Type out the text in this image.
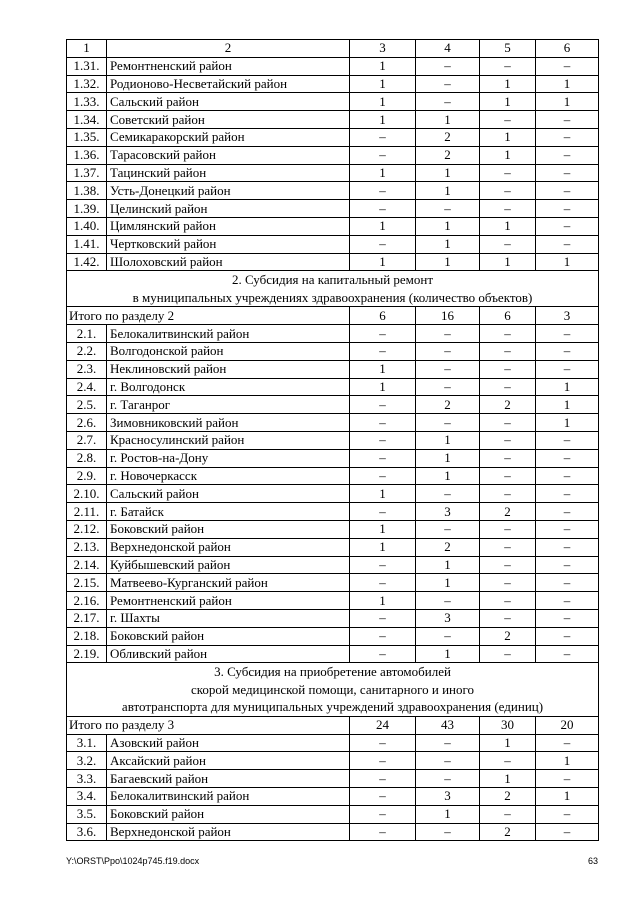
1	2	3	4	5	6
1.31.	Ремонтненский район	1	–	–	–
1.32.	Родионово-Несветайский район	1	–	1	1
1.33.	Сальский район	1	–	1	1
1.34.	Советский район	1	1	–	–
1.35.	Семикаракорский район	–	2	1	–
1.36.	Тарасовский район	–	2	1	–
1.37.	Тацинский район	1	1	–	–
1.38.	Усть-Донецкий район	–	1	–	–
1.39.	Целинский район	–	–	–	–
1.40.	Цимлянский район	1	1	1	–
1.41.	Чертковский район	–	1	–	–
1.42.	Шолоховский район	1	1	1	1

2. Субсидия на капитальный ремонт
в муниципальных учреждениях здравоохранения (количество объектов)					

Итого по разделу 2		6	16	6	3
2.1.	Белокалитвинский район	–	–	–	–
2.2.	Волгодонской район	–	–	–	–
2.3.	Неклиновский район	1	–	–	–
2.4.	г. Волгодонск	1	–	–	1
2.5.	г. Таганрог	–	2	2	1
2.6.	Зимовниковский район	–	–	–	1
2.7.	Красносулинский район	–	1	–	–
2.8.	г. Ростов-на-Дону	–	1	–	–
2.9.	г. Новочеркасск	–	1	–	–
2.10.	Сальский район	1	–	–	–
2.11.	г. Батайск	–	3	2	–
2.12.	Боковский район	1	–	–	–
2.13.	Верхнедонской район	1	2	–	–
2.14.	Куйбышевский район	–	1	–	–
2.15.	Матвеево-Курганский район	–	1	–	–
2.16.	Ремонтненский район	1	–	–	–
2.17.	г. Шахты	–	3	–	–
2.18.	Боковский район	–	–	2	–
2.19.	Обливский район	–	1	–	–

3. Субсидия на приобретение автомобилей
скорой медицинской помощи, санитарного и иного
автотранспорта для муниципальных учреждений здравоохранения (единиц)					

Итого по разделу 3		24	43	30	20
3.1.	Азовский район	–	–	1	–
3.2.	Аксайский район	–	–	–	1
3.3.	Багаевский район	–	–	1	–
3.4.	Белокалитвинский район	–	3	2	1
3.5.	Боковский район	–	1	–	–
3.6.	Верхнедонской район	–	–	2	–
Y:\ORST\Ppo\1024p745.f19.docx	63
